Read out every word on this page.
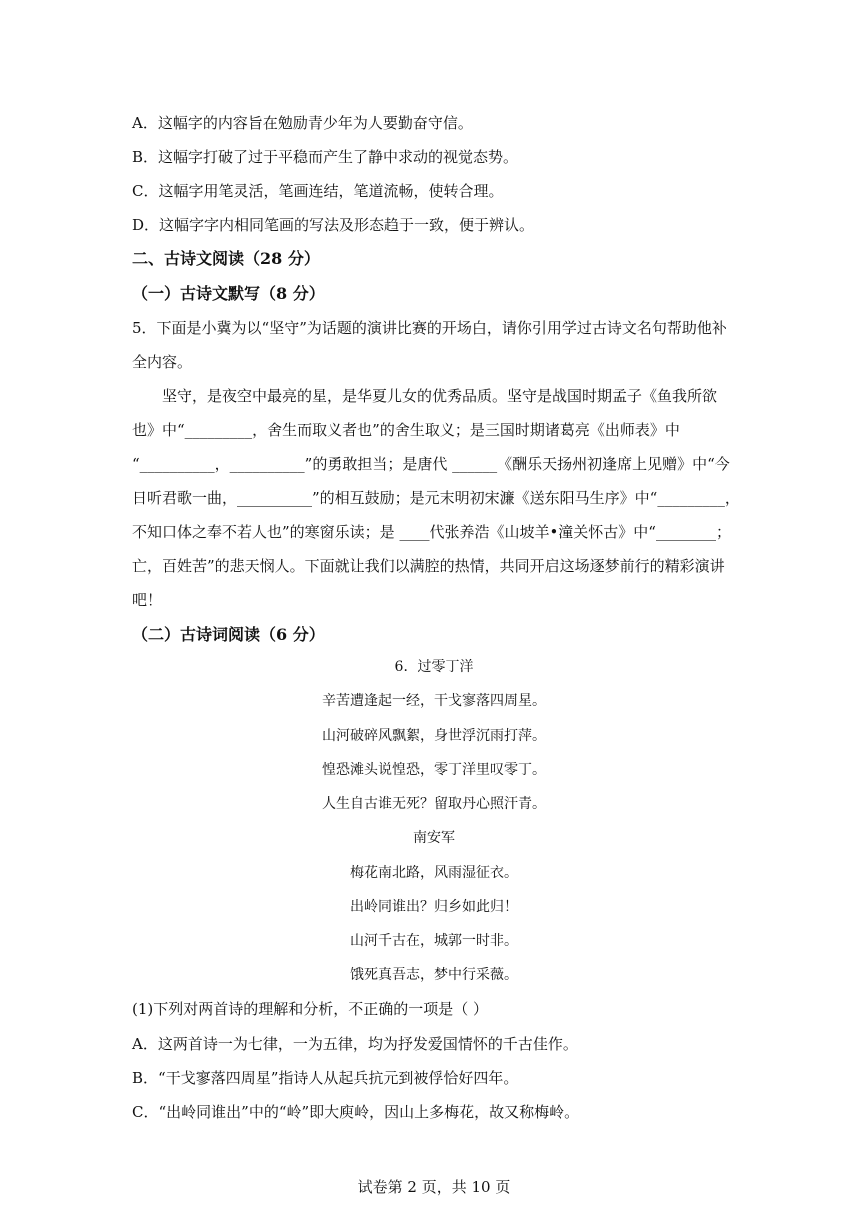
A．这幅字的内容旨在勉励青少年为人要勤奋守信。
B．这幅字打破了过于平稳而产生了静中求动的视觉态势。
C．这幅字用笔灵活，笔画连结，笔道流畅，使转合理。
D．这幅字字内相同笔画的写法及形态趋于一致，便于辨认。
二、古诗文阅读（28 分）
（一）古诗文默写（8 分）
5．下面是小冀为以“坚守”为话题的演讲比赛的开场白，请你引用学过古诗文名句帮助他补
全内容。
坚守，是夜空中最亮的星，是华夏儿女的优秀品质。坚守是战国时期孟子《鱼我所欲
也》中“_________，舍生而取义者也”的舍生取义；是三国时期诸葛亮《出师表》中
“__________，__________”的勇敢担当；是唐代 ______《酬乐天扬州初逢席上见赠》中“今
日听君歌一曲，__________”的相互鼓励；是元末明初宋濂《送东阳马生序》中“_________，
不知口体之奉不若人也”的寒窗乐读；是 ____代张养浩《山坡羊•潼关怀古》中“________；
亡，百姓苦”的悲天悯人。下面就让我们以满腔的热情，共同开启这场逐梦前行的精彩演讲
吧！
（二）古诗词阅读（6 分）
6．过零丁洋
辛苦遭逢起一经，干戈寥落四周星。
山河破碎风飘絮，身世浮沉雨打萍。
惶恐滩头说惶恐，零丁洋里叹零丁。
人生自古谁无死？留取丹心照汗青。
南安军
梅花南北路，风雨湿征衣。
出岭同谁出？归乡如此归！
山河千古在，城郭一时非。
饿死真吾志，梦中行采薇。
(1)下列对两首诗的理解和分析，不正确的一项是（ ）
A．这两首诗一为七律，一为五律，均为抒发爱国情怀的千古佳作。
B．“干戈寥落四周星”指诗人从起兵抗元到被俘恰好四年。
C．“出岭同谁出”中的“岭”即大庾岭，因山上多梅花，故又称梅岭。
试卷第 2 页，共 10 页
